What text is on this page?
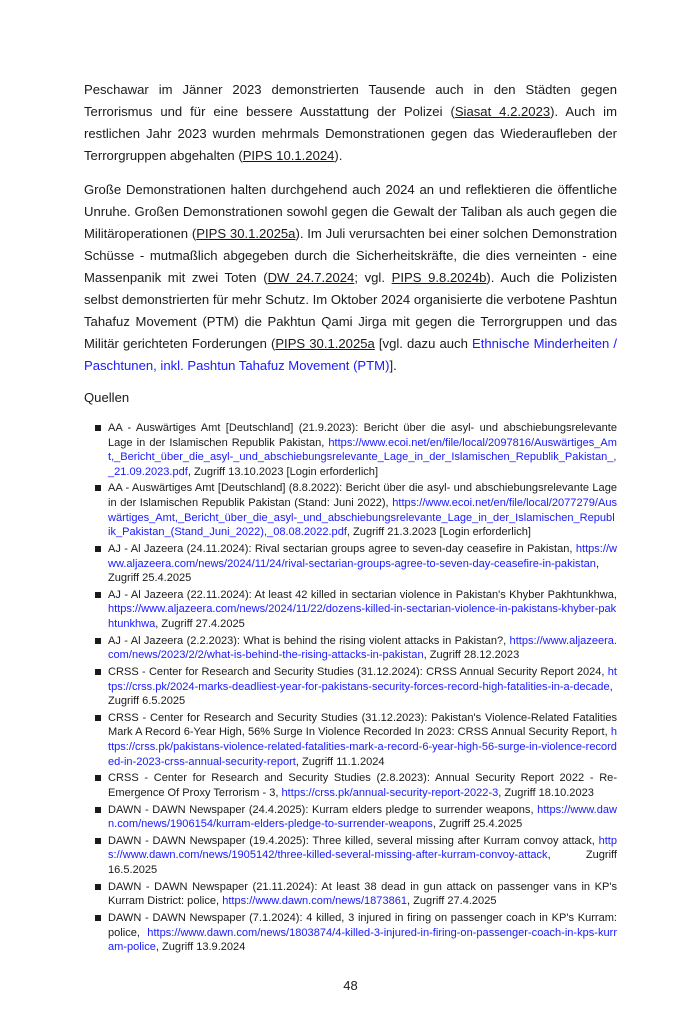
Peschawar im Jänner 2023 demonstrierten Tausende auch in den Städten gegen Terrorismus und für eine bessere Ausstattung der Polizei (Siasat 4.2.2023). Auch im restlichen Jahr 2023 wurden mehrmals Demonstrationen gegen das Wiederaufleben der Terrorgruppen abgehalten (PIPS 10.1.2024).

Große Demonstrationen halten durchgehend auch 2024 an und reflektieren die öffentliche Unruhe. Großen Demonstrationen sowohl gegen die Gewalt der Taliban als auch gegen die Militäroperationen (PIPS 30.1.2025a). Im Juli verursachten bei einer solchen Demonstration Schüsse - mutmaßlich abgegeben durch die Sicherheitskräfte, die dies verneinten - eine Massenpanik mit zwei Toten (DW 24.7.2024; vgl. PIPS 9.8.2024b). Auch die Polizisten selbst demonstrierten für mehr Schutz. Im Oktober 2024 organisierte die verbotene Pashtun Tahafuz Movement (PTM) die Pakhtun Qami Jirga mit gegen die Terrorgruppen und das Militär gerichteten Forderungen (PIPS 30.1.2025a [vgl. dazu auch Ethnische Minderheiten / Paschtunen, inkl. Pashtun Tahafuz Movement (PTM)].

Quellen
AA - Auswärtiges Amt [Deutschland] (21.9.2023): Bericht über die asyl- und abschiebungsrelevante Lage in der Islamischen Republik Pakistan, https://www.ecoi.net/en/file/local/2097816/Auswärtiges_Amt,_Bericht_über_die_asyl-_und_abschiebungsrelevante_Lage_in_der_Islamischen_Republik_Pakistan_,_21.09.2023.pdf, Zugriff 13.10.2023 [Login erforderlich]
AA - Auswärtiges Amt [Deutschland] (8.8.2022): Bericht über die asyl- und abschiebungsrelevante Lage in der Islamischen Republik Pakistan (Stand: Juni 2022), https://www.ecoi.net/en/file/local/2077279/Auswärtiges_Amt,_Bericht_über_die_asyl-_und_abschiebungsrelevante_Lage_in_der_Islamischen_Republik_Pakistan_(Stand_Juni_2022),_08.08.2022.pdf, Zugriff 21.3.2023 [Login erforderlich]
AJ - Al Jazeera (24.11.2024): Rival sectarian groups agree to seven-day ceasefire in Pakistan, https://www.aljazeera.com/news/2024/11/24/rival-sectarian-groups-agree-to-seven-day-ceasefire-in-pakistan, Zugriff 25.4.2025
AJ - Al Jazeera (22.11.2024): At least 42 killed in sectarian violence in Pakistan's Khyber Pakhtunkhwa, https://www.aljazeera.com/news/2024/11/22/dozens-killed-in-sectarian-violence-in-pakistans-khyber-pakhtunkhwa, Zugriff 27.4.2025
AJ - Al Jazeera (2.2.2023): What is behind the rising violent attacks in Pakistan?, https://www.aljazeera.com/news/2023/2/2/what-is-behind-the-rising-attacks-in-pakistan, Zugriff 28.12.2023
CRSS - Center for Research and Security Studies (31.12.2024): CRSS Annual Security Report 2024, https://crss.pk/2024-marks-deadliest-year-for-pakistans-security-forces-record-high-fatalities-in-a-decade, Zugriff 6.5.2025
CRSS - Center for Research and Security Studies (31.12.2023): Pakistan's Violence-Related Fatalities Mark A Record 6-Year High, 56% Surge In Violence Recorded In 2023: CRSS Annual Security Report, https://crss.pk/pakistans-violence-related-fatalities-mark-a-record-6-year-high-56-surge-in-violence-recorded-in-2023-crss-annual-security-report, Zugriff 11.1.2024
CRSS - Center for Research and Security Studies (2.8.2023): Annual Security Report 2022 - Re-Emergence Of Proxy Terrorism - 3, https://crss.pk/annual-security-report-2022-3, Zugriff 18.10.2023
DAWN - DAWN Newspaper (24.4.2025): Kurram elders pledge to surrender weapons, https://www.dawn.com/news/1906154/kurram-elders-pledge-to-surrender-weapons, Zugriff 25.4.2025
DAWN - DAWN Newspaper (19.4.2025): Three killed, several missing after Kurram convoy attack, https://www.dawn.com/news/1905142/three-killed-several-missing-after-kurram-convoy-attack, Zugriff 16.5.2025
DAWN - DAWN Newspaper (21.11.2024): At least 38 dead in gun attack on passenger vans in KP's Kurram District: police, https://www.dawn.com/news/1873861, Zugriff 27.4.2025
DAWN - DAWN Newspaper (7.1.2024): 4 killed, 3 injured in firing on passenger coach in KP's Kurram: police, https://www.dawn.com/news/1803874/4-killed-3-injured-in-firing-on-passenger-coach-in-kps-kurram-police, Zugriff 13.9.2024
48
